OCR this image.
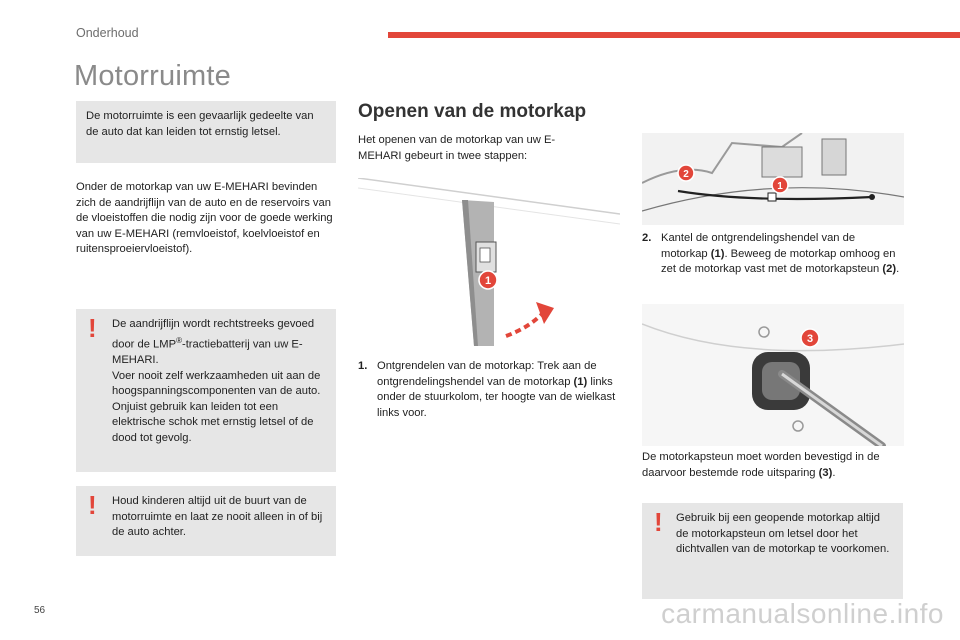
Onderhoud
Motorruimte

De motorruimte is een gevaarlijk gedeelte van de auto dat kan leiden tot ernstig letsel.

Onder de motorkap van uw E-MEHARI bevinden zich de aandrijflijn van de auto en de reservoirs van de vloeistoffen die nodig zijn voor de goede werking van uw E-MEHARI (remvloeistof, koelvloeistof en ruitensproeiervloeistof).

! De aandrijflijn wordt rechtstreeks gevoed door de LMP®-tractiebatterij van uw E-MEHARI.

Voer nooit zelf werkzaamheden uit aan de hoogspanningscomponenten van de auto.

Onjuist gebruik kan leiden tot een elektrische schok met ernstig letsel of de dood tot gevolg.

! Houd kinderen altijd uit de buurt van de motorruimte en laat ze nooit alleen in of bij de auto achter.

Openen van de motorkap

Het openen van de motorkap van uw E-MEHARI gebeurt in twee stappen:

1
1. Ontgrendelen van de motorkap: Trek aan de ontgrendelingshendel van de motorkap (1) links onder de stuurkolom, ter hoogte van de wielkast links voor.
2
1
2. Kantel de ontgrendelingshendel van de motorkap (1). Beweeg de motorkap omhoog en zet de motorkap vast met de motorkapsteun (2).
3

De motorkapsteun moet worden bevestigd in de daarvoor bestemde rode uitsparing (3).

! Gebruik bij een geopende motorkap altijd de motorkapsteun om letsel door het dichtvallen van de motorkap te voorkomen.

56	carmanualsonline.info
